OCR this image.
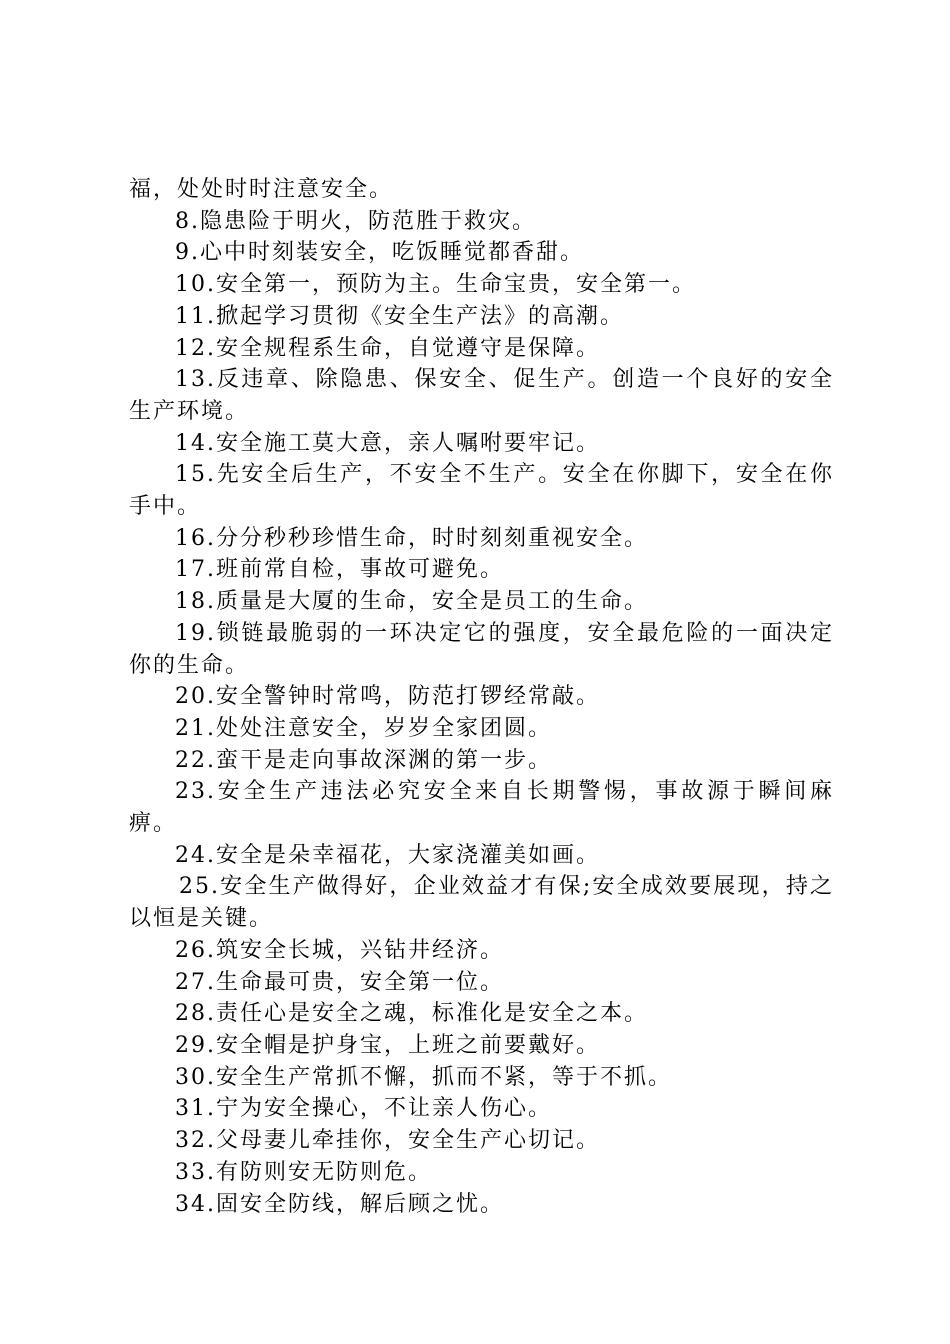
福，处处时时注意安全。

8.隐患险于明火，防范胜于救灾。

9.心中时刻装安全，吃饭睡觉都香甜。

10.安全第一，预防为主。生命宝贵，安全第一。

11.掀起学习贯彻《安全生产法》的高潮。

12.安全规程系生命，自觉遵守是保障。

13.反违章、除隐患、保安全、促生产。创造一个良好的安全生产环境。

14.安全施工莫大意，亲人嘱咐要牢记。

15.先安全后生产，不安全不生产。安全在你脚下，安全在你手中。

16.分分秒秒珍惜生命，时时刻刻重视安全。

17.班前常自检，事故可避免。

18.质量是大厦的生命，安全是员工的生命。

19.锁链最脆弱的一环决定它的强度，安全最危险的一面决定你的生命。

20.安全警钟时常鸣，防范打锣经常敲。

21.处处注意安全，岁岁全家团圆。

22.蛮干是走向事故深渊的第一步。

23.安全生产违法必究安全来自长期警惕，事故源于瞬间麻痹。

24.安全是朵幸福花，大家浇灌美如画。

25.安全生产做得好，企业效益才有保;安全成效要展现，持之以恒是关键。

26.筑安全长城，兴钻井经济。

27.生命最可贵，安全第一位。

28.责任心是安全之魂，标准化是安全之本。

29.安全帽是护身宝，上班之前要戴好。

30.安全生产常抓不懈，抓而不紧，等于不抓。

31.宁为安全操心，不让亲人伤心。

32.父母妻儿牵挂你，安全生产心切记。

33.有防则安无防则危。

34.固安全防线，解后顾之忧。
